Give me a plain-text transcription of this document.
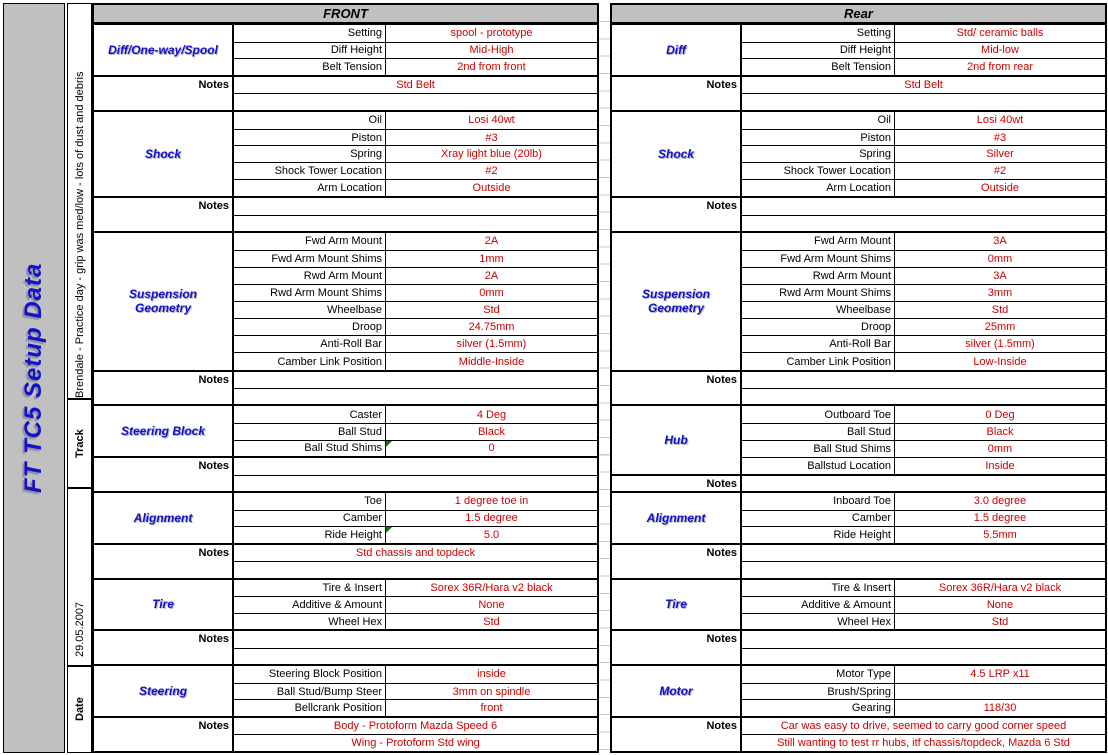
FT TC5 Setup Data Brendale - Practice day - grip was med/low - lots of dust and debris
Track
29.05.2007
Date
FRONT
Diff/One-way/Spool
Setting	spool - prototype
Diff Height	Mid-High
Belt Tension	2nd from front
Notes	Std Belt
Shock
Oil	Losi 40wt
Piston	#3
Spring	Xray light blue (20lb)
Shock Tower Location	#2
Arm Location	Outside
Notes
Suspension
Geometry
Fwd Arm Mount	2A
Fwd Arm Mount Shims	1mm
Rwd Arm Mount	2A
Rwd Arm Mount Shims	0mm
Wheelbase	Std
Droop	24.75mm
Anti-Roll Bar	silver (1.5mm)
Camber Link Position	Middle-Inside
Notes
Steering Block
Caster	4 Deg
Ball Stud	Black
Ball Stud Shims	0
Notes
Alignment
Toe	1 degree toe in
Camber	1.5 degree
Ride Height	5.0
Notes	Std chassis and topdeck
Tire
Tire & Insert	Sorex 36R/Hara v2 black
Additive & Amount	None
Wheel Hex	Std
Notes
Steering
Steering Block Position	inside
Ball Stud/Bump Steer	3mm on spindle
Bellcrank Position	front
Notes	Body - Protoform Mazda Speed 6
Wing - Protoform Std wing
Rear
Diff
Setting	Std/ ceramic balls
Diff Height	Mid-low
Belt Tension	2nd from rear
Notes	Std Belt
Shock
Oil	Losi 40wt
Piston	#3
Spring	Silver
Shock Tower Location	#2
Arm Location	Outside
Notes
Suspension
Geometry
Fwd Arm Mount	3A
Fwd Arm Mount Shims	0mm
Rwd Arm Mount	3A
Rwd Arm Mount Shims	3mm
Wheelbase	Std
Droop	25mm
Anti-Roll Bar	silver (1.5mm)
Camber Link Position	Low-Inside
Notes
Hub
Outboard Toe	0 Deg
Ball Stud	Black
Ball Stud Shims	0mm
Ballstud Location	Inside
Notes
Alignment
Inboard Toe	3.0 degree
Camber	1.5 degree
Ride Height	5.5mm
Notes
Tire
Tire & Insert	Sorex 36R/Hara v2 black
Additive & Amount	None
Wheel Hex	Std
Notes
Motor
Motor Type	4.5 LRP x11
Brush/Spring
Gearing	118/30
Notes	Car was easy to drive, seemed to carry good corner speed
Still wanting to test rr hubs, itf chassis/topdeck, Mazda 6 Std
